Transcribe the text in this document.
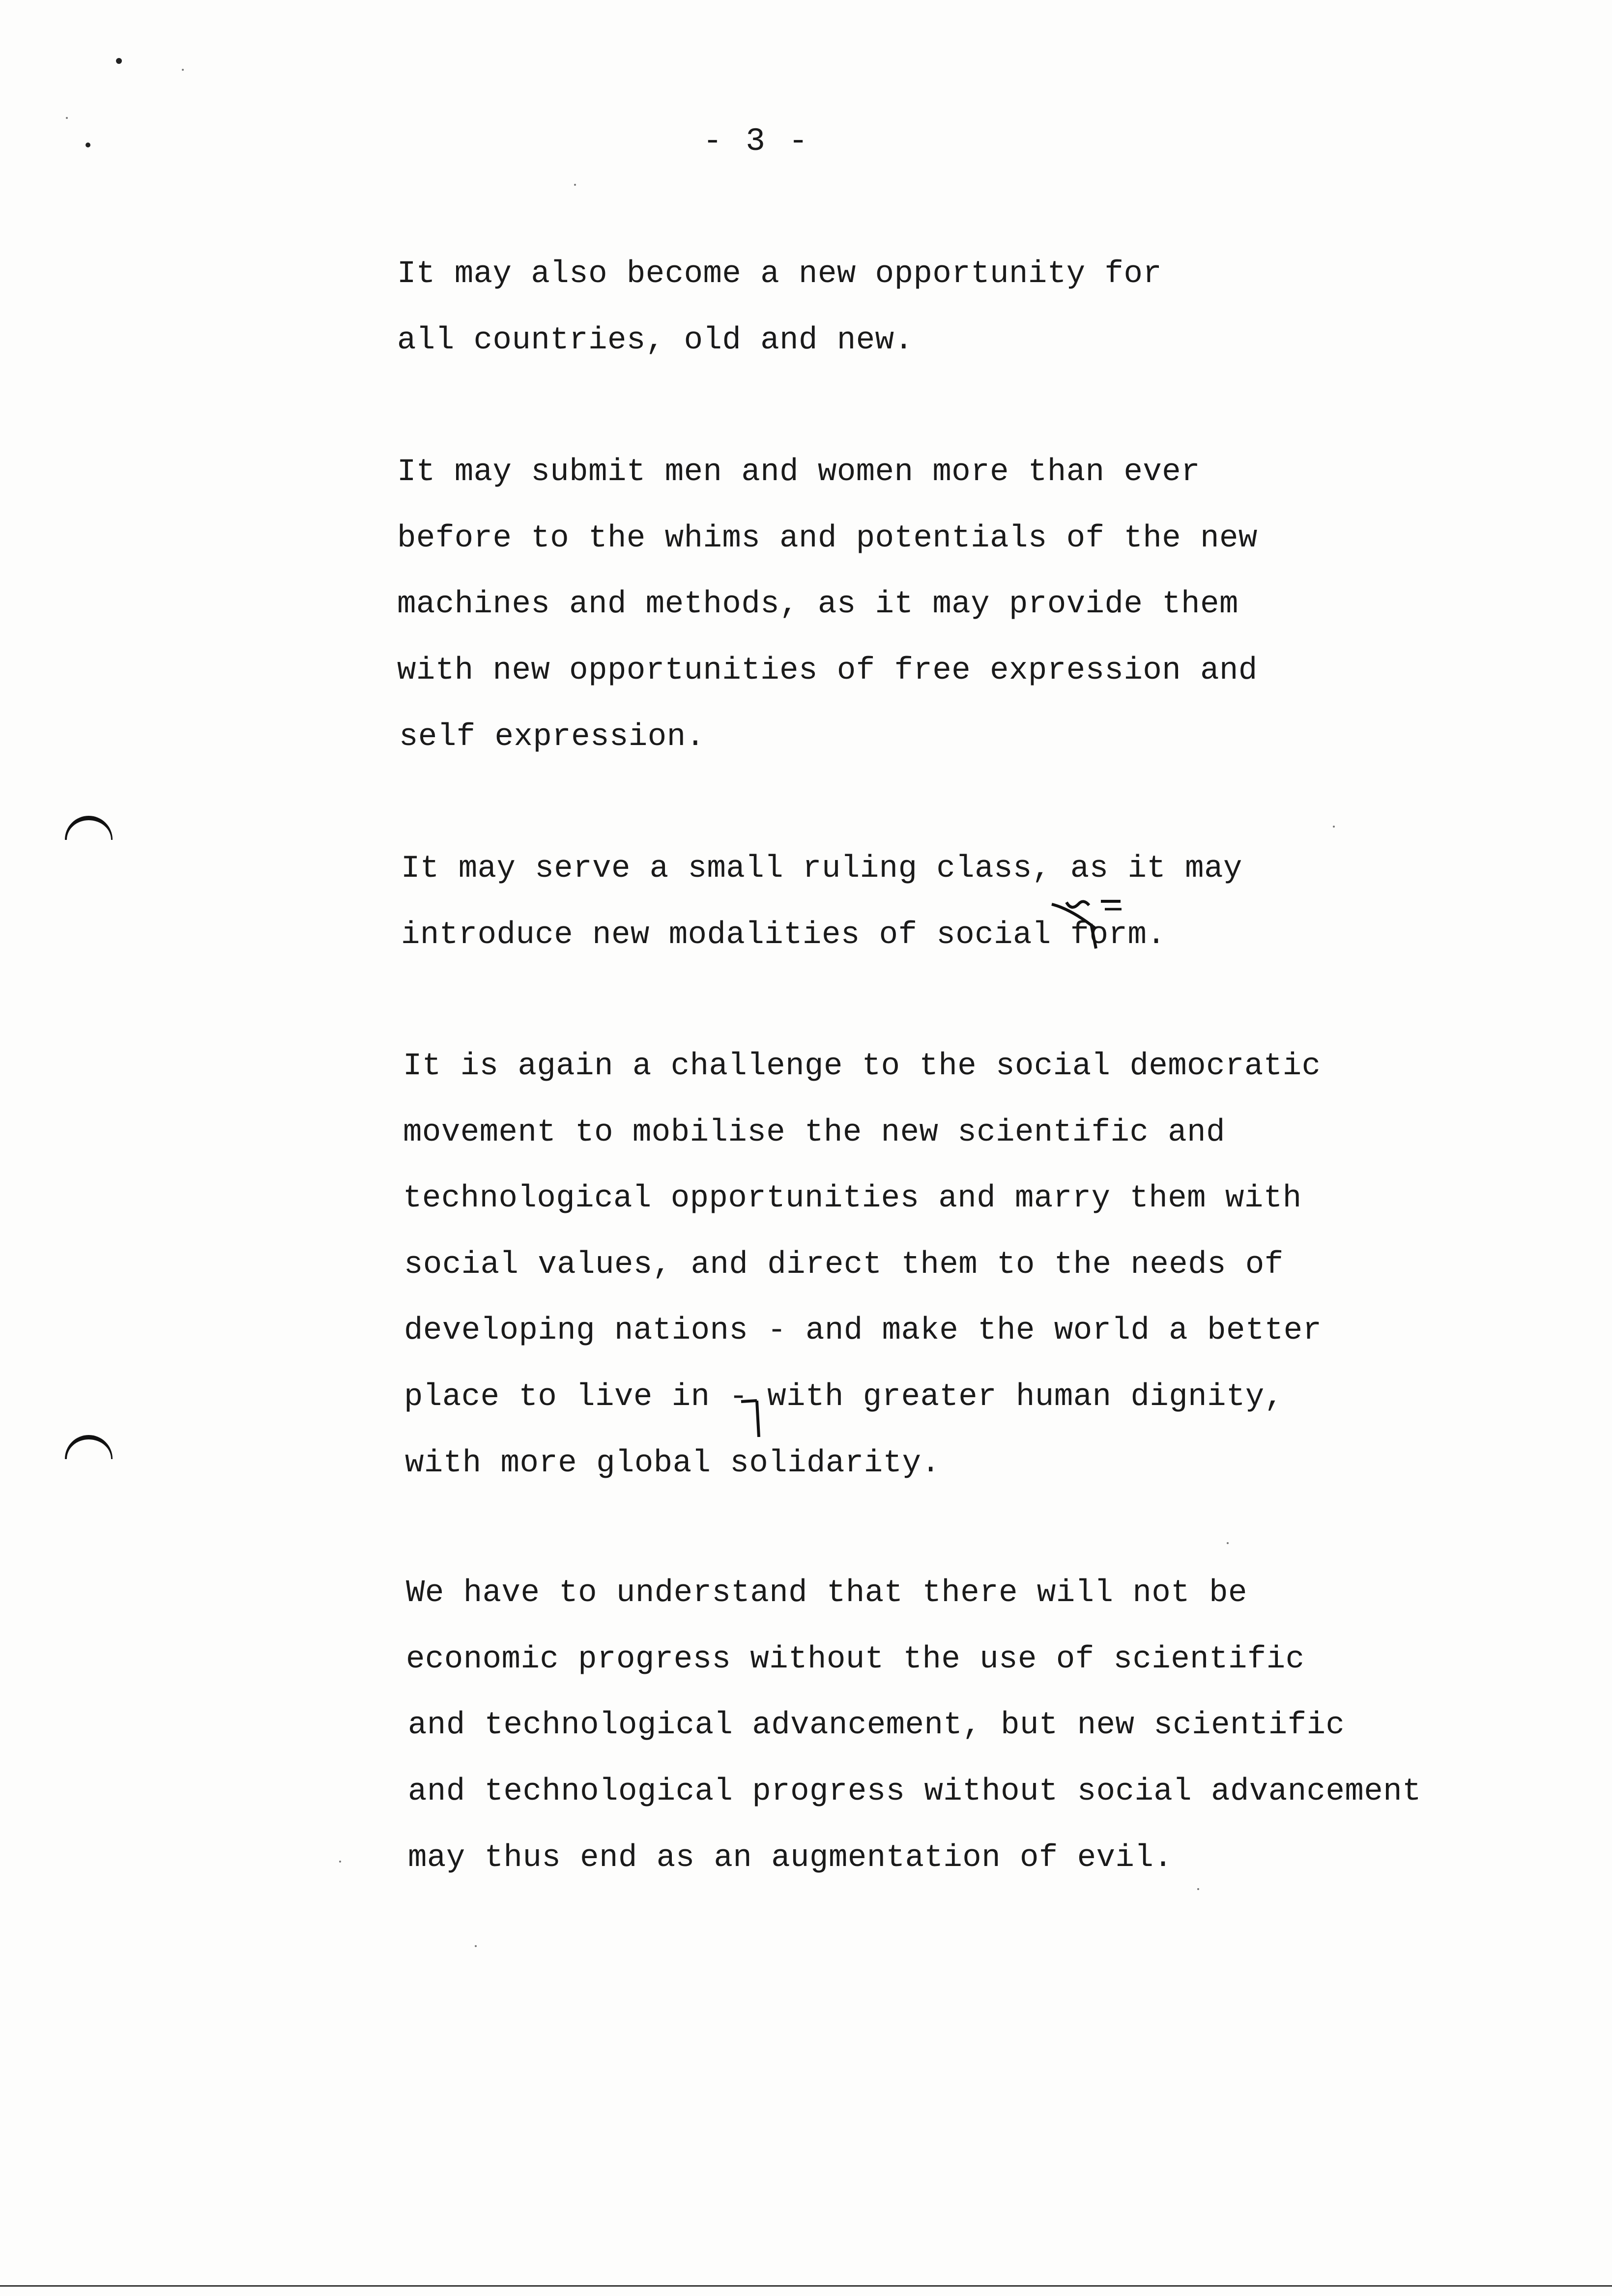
- 3 -
It may also become a new opportunity for
all countries, old and new.
It may submit men and women more than ever
before to the whims and potentials of the new
machines and methods, as it may provide them
with new opportunities of free expression and
self expression.
It may serve a small ruling class, as it may
introduce new modalities of social form.
It is again a challenge to the social democratic
movement to mobilise the new scientific and
technological opportunities and marry them with
social values, and direct them to the needs of
developing nations - and make the world a better
place to live in - with greater human dignity,
with more global solidarity.
We have to understand that there will not be
economic progress without the use of scientific
and technological advancement, but new scientific
and technological progress without social advancement
may thus end as an augmentation of evil.
